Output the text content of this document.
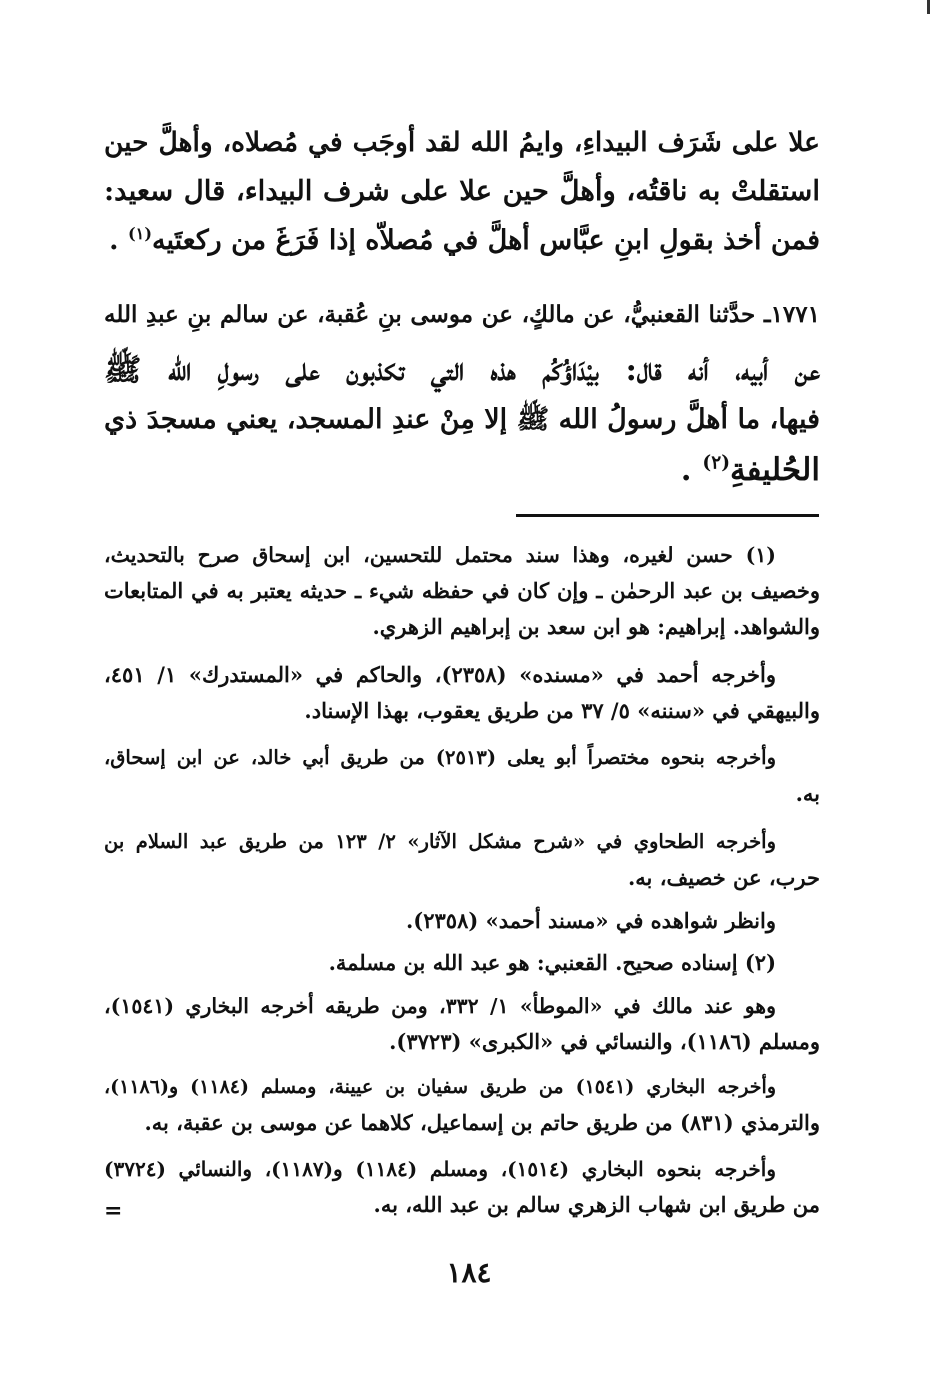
علا على شَرَف البيداءِ، وايمُ الله لقد أوجَب في مُصلاه، وأهلَّ حين
استقلتْ به ناقتُه، وأهلَّ حين علا على شرف البيداء، قال سعيد:
فمن أخذ بقولِ ابنِ عبَّاس أهلَّ في مُصلاّه إذا فَرَغَ من ركعتَيه$^{(١)}$ .
١٧٧١ـ حدَّثنا القعنبيُّ، عن مالكٍ، عن موسى بنِ عُقبة، عن سالم بنِ عبدِ الله
عن أبيه، أنه قال: بيْدَاؤُكُم هذه التي تكذبون على رسولِ الله ﷺ
فيها، ما أهلَّ رسولُ الله ﷺ إلا مِنْ عندِ المسجد، يعني مسجدَ ذي
الحُليفةِ$^{(٢)}$ .
(١) حسن لغيره، وهذا سند محتمل للتحسين، ابن إسحاق صرح بالتحديث،
وخصيف بن عبد الرحمٰن ـ وإن كان في حفظه شيء ـ حديثه يعتبر به في المتابعات
والشواهد. إبراهيم: هو ابن سعد بن إبراهيم الزهري.
وأخرجه أحمد في «مسنده» (٢٣٥٨)، والحاكم في «المستدرك» ١/ ٤٥١،
والبيهقي في «سننه» ٥/ ٣٧ من طريق يعقوب، بهذا الإسناد.
وأخرجه بنحوه مختصراً أبو يعلى (٢٥١٣) من طريق أبي خالد، عن ابن إسحاق،
به.
وأخرجه الطحاوي في «شرح مشكل الآثار» ٢/ ١٢٣ من طريق عبد السلام بن
حرب، عن خصيف، به.
وانظر شواهده في «مسند أحمد» (٢٣٥٨).
(٢) إسناده صحيح. القعنبي: هو عبد الله بن مسلمة.
وهو عند مالك في «الموطأ» ١/ ٣٣٢، ومن طريقه أخرجه البخاري (١٥٤١)،
ومسلم (١١٨٦)، والنسائي في «الكبرى» (٣٧٢٣).
وأخرجه البخاري (١٥٤١) من طريق سفيان بن عيينة، ومسلم (١١٨٤) و(١١٨٦)،
والترمذي (٨٣١) من طريق حاتم بن إسماعيل، كلاهما عن موسى بن عقبة، به.
وأخرجه بنحوه البخاري (١٥١٤)، ومسلم (١١٨٤) و(١١٨٧)، والنسائي (٣٧٢٤)
من طريق ابن شهاب الزهري سالم بن عبد الله، به.
=
١٨٤
